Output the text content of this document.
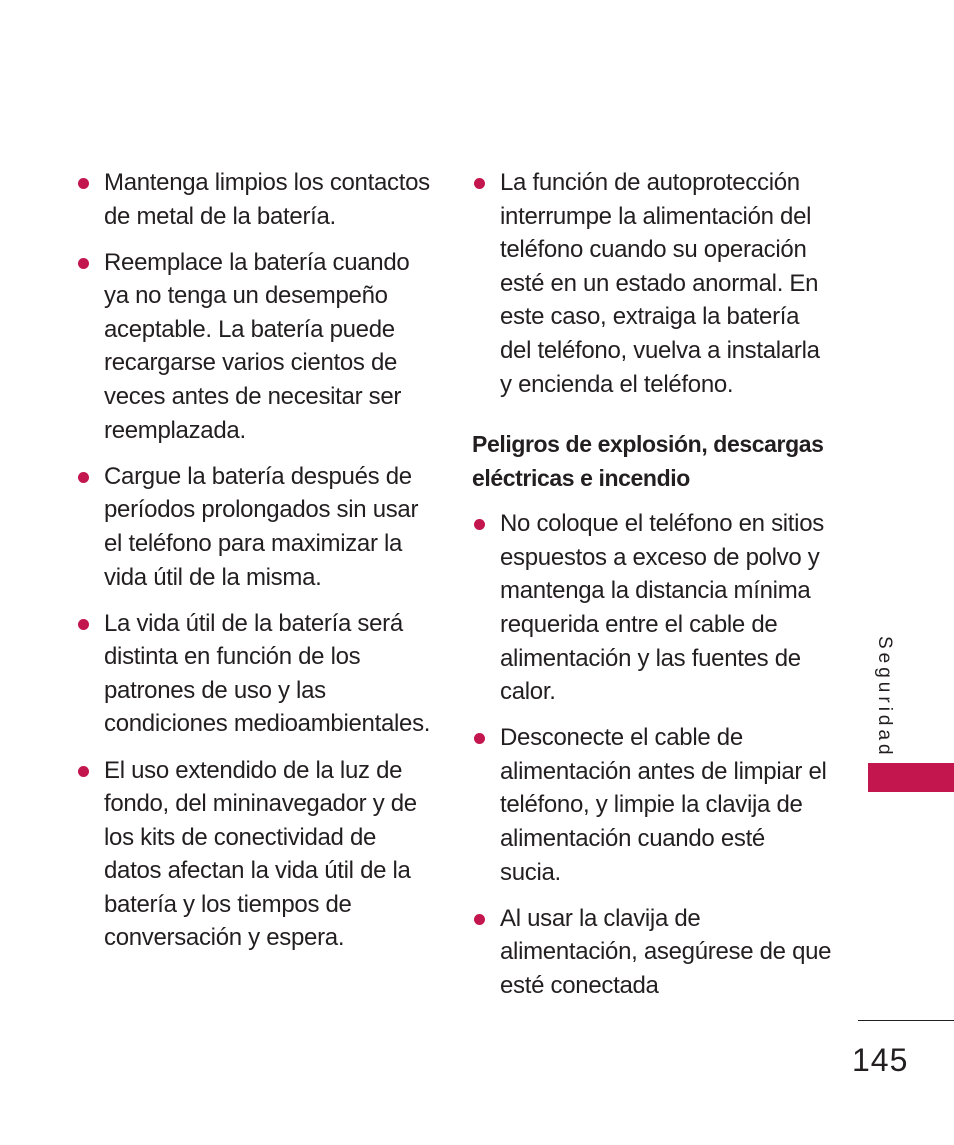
Mantenga limpios los contactos de metal de la batería.
Reemplace la batería cuando ya no tenga un desempeño aceptable. La batería puede recargarse varios cientos de veces antes de necesitar ser reemplazada.
Cargue la batería después de períodos prolongados sin usar el teléfono para maximizar la vida útil de la misma.
La vida útil de la batería será distinta en función de los patrones de uso y las condiciones medioambientales.
El uso extendido de la luz de fondo, del mininavegador y de los kits de conectividad de datos afectan la vida útil de la batería y los tiempos de conversación y espera.
La función de autoprotección interrumpe la alimentación del teléfono cuando su operación esté en un estado anormal. En este caso, extraiga la batería del teléfono, vuelva a instalarla y encienda el teléfono.
Peligros de explosión, descargas eléctricas e incendio
No coloque el teléfono en sitios espuestos a exceso de polvo y mantenga la distancia mínima requerida entre el cable de alimentación y las fuentes de calor.
Desconecte el cable de alimentación antes de limpiar el teléfono, y limpie la clavija de alimentación cuando esté sucia.
Al usar la clavija de alimentación, asegúrese de que esté conectada
Seguridad
145
